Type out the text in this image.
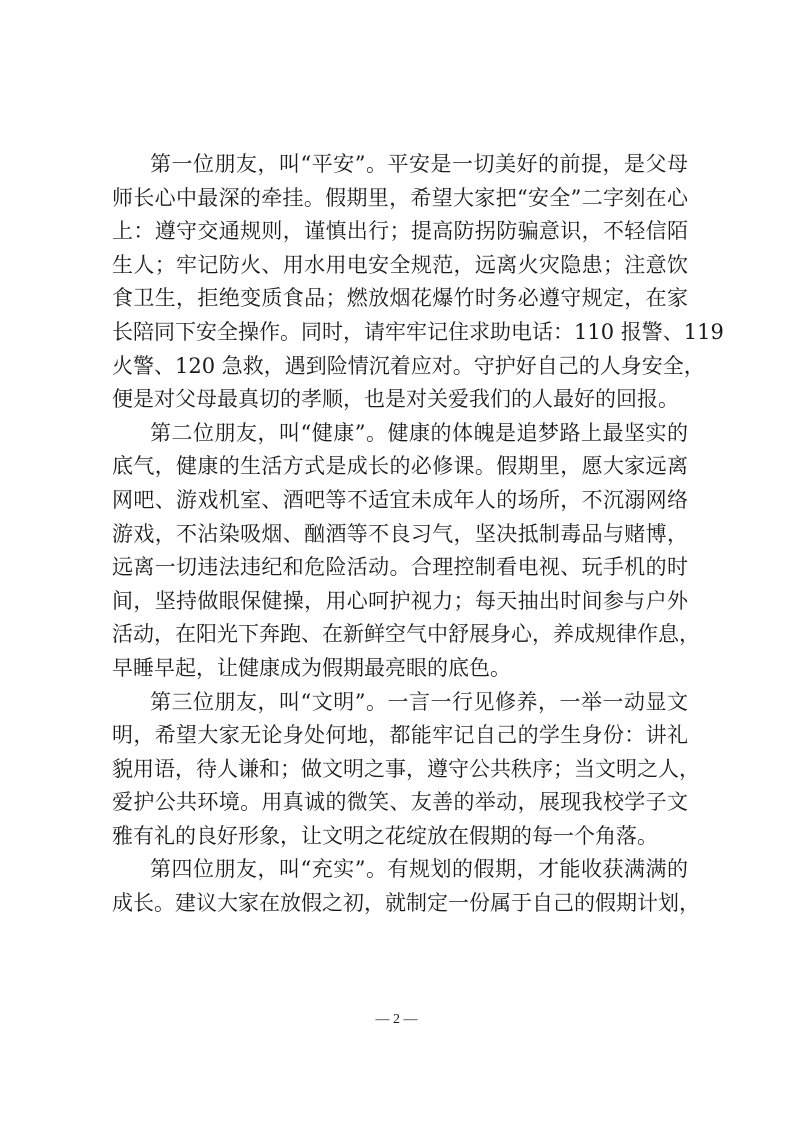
第一位朋友，叫“平安”。平安是一切美好的前提，是父母
师长心中最深的牵挂。假期里，希望大家把“安全”二字刻在心
上：遵守交通规则，谨慎出行；提高防拐防骗意识，不轻信陌
生人；牢记防火、用水用电安全规范，远离火灾隐患；注意饮
食卫生，拒绝变质食品；燃放烟花爆竹时务必遵守规定，在家
长陪同下安全操作。同时，请牢牢记住求助电话：110 报警、119
火警、120 急救，遇到险情沉着应对。守护好自己的人身安全，
便是对父母最真切的孝顺，也是对关爱我们的人最好的回报。
第二位朋友，叫“健康”。健康的体魄是追梦路上最坚实的
底气，健康的生活方式是成长的必修课。假期里，愿大家远离
网吧、游戏机室、酒吧等不适宜未成年人的场所，不沉溺网络
游戏，不沾染吸烟、酗酒等不良习气，坚决抵制毒品与赌博，
远离一切违法违纪和危险活动。合理控制看电视、玩手机的时
间，坚持做眼保健操，用心呵护视力；每天抽出时间参与户外
活动，在阳光下奔跑、在新鲜空气中舒展身心，养成规律作息，
早睡早起，让健康成为假期最亮眼的底色。
第三位朋友，叫“文明”。一言一行见修养，一举一动显文
明，希望大家无论身处何地，都能牢记自己的学生身份：讲礼
貌用语，待人谦和；做文明之事，遵守公共秩序；当文明之人，
爱护公共环境。用真诚的微笑、友善的举动，展现我校学子文
雅有礼的良好形象，让文明之花绽放在假期的每一个角落。
第四位朋友，叫“充实”。有规划的假期，才能收获满满的
成长。建议大家在放假之初，就制定一份属于自己的假期计划，
— 2 —
